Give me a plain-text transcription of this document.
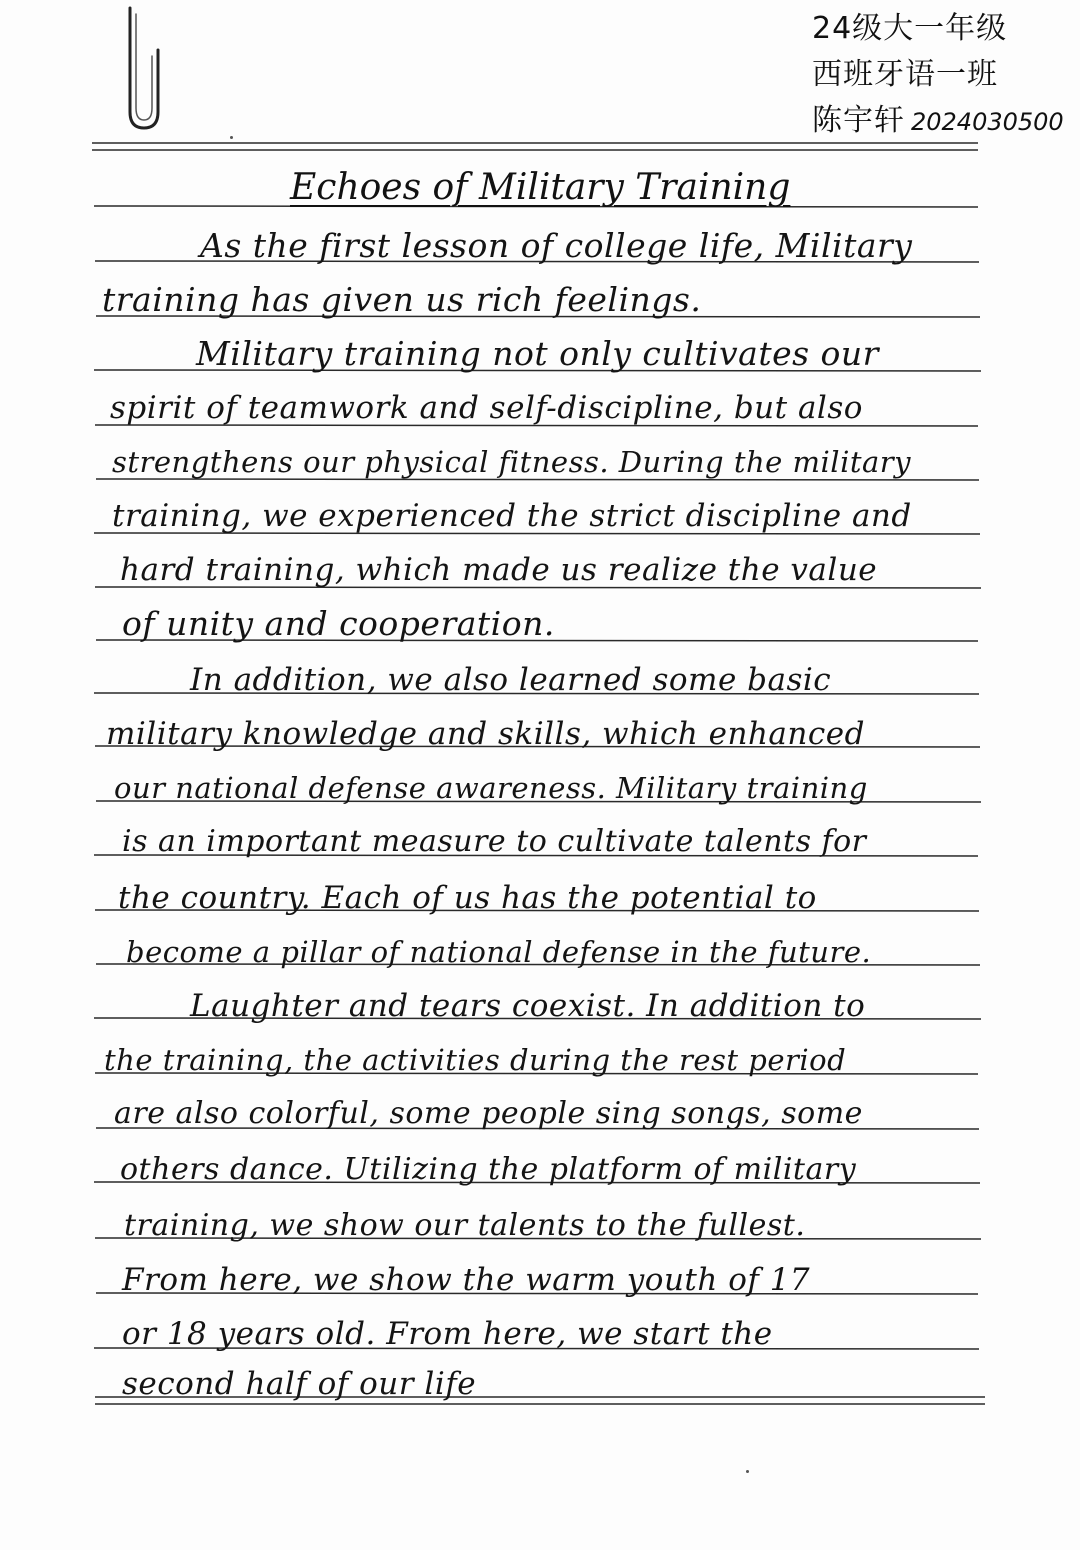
24级大一年级
西班牙语一班
陈宇轩 2024030500
Echoes of Military Training
As the first lesson of college life, Military
training has given us rich feelings.
Military training not only cultivates our
spirit of teamwork and self-discipline, but also
strengthens our physical fitness. During the military
training, we experienced the strict discipline and
hard training, which made us realize the value
of unity and cooperation.
In addition, we also learned some basic
military knowledge and skills, which enhanced
our national defense awareness. Military training
is an important measure to cultivate talents for
the country. Each of us has the potential to
become a pillar of national defense in the future.
Laughter and tears coexist. In addition to
the training, the activities during the rest period
are also colorful, some people sing songs, some
others dance. Utilizing the platform of military
training, we show our talents to the fullest.
From here, we show the warm youth of 17
or 18 years old. From here, we start the
second half of our life
